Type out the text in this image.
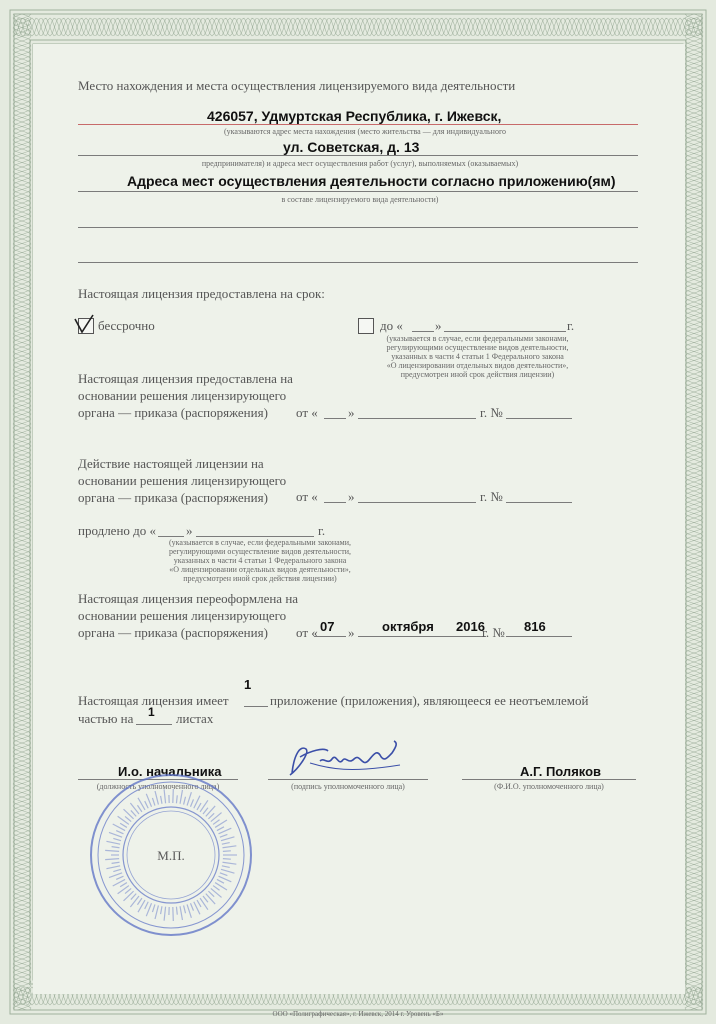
Место нахождения и места осуществления лицензируемого вида деятельности
426057, Удмуртская Республика, г. Ижевск,
(указываются адрес места нахождения (место жительства — для индивидуального
ул. Советская, д. 13
предпринимателя) и адреса мест осуществления работ (услуг), выполняемых (оказываемых)
Адреса мест осуществления деятельности согласно приложению(ям)
в составе лицензируемого вида деятельности)
Настоящая лицензия предоставлена на срок:
бессрочно	до « »	г.
(указывается в случае, если федеральными законами,
регулирующими осуществление видов деятельности,
указанных в части 4 статьи 1 Федерального закона
«О лицензировании отдельных видов деятельности»,
предусмотрен иной срок действия лицензии)
Настоящая лицензия предоставлена на
основании решения лицензирующего
органа — приказа (распоряжения)	от « »	г. №
Действие настоящей лицензии на
основании решения лицензирующего
органа — приказа (распоряжения)	от « »	г. №
продлено до « »	г.
(указывается в случае, если федеральными законами,
регулирующими осуществление видов деятельности,
указанных в части 4 статьи 1 Федерального закона
«О лицензировании отдельных видов деятельности»,
предусмотрен иной срок действия лицензии)
Настоящая лицензия переоформлена на
основании решения лицензирующего
органа — приказа (распоряжения)	от « 07 » октября 2016
г. № 816
1
Настоящая лицензия имеет	приложение (приложения), являющееся ее неотъемлемой
частью на 1 листах
И.о. начальника
(должность уполномоченного лица)	(подпись уполномоченного лица)
А.Г. Поляков
(Ф.И.О. уполномоченного лица)
М.П.
ООО «Полиграфическая», г. Ижевск, 2014 г. Уровень «Б»
